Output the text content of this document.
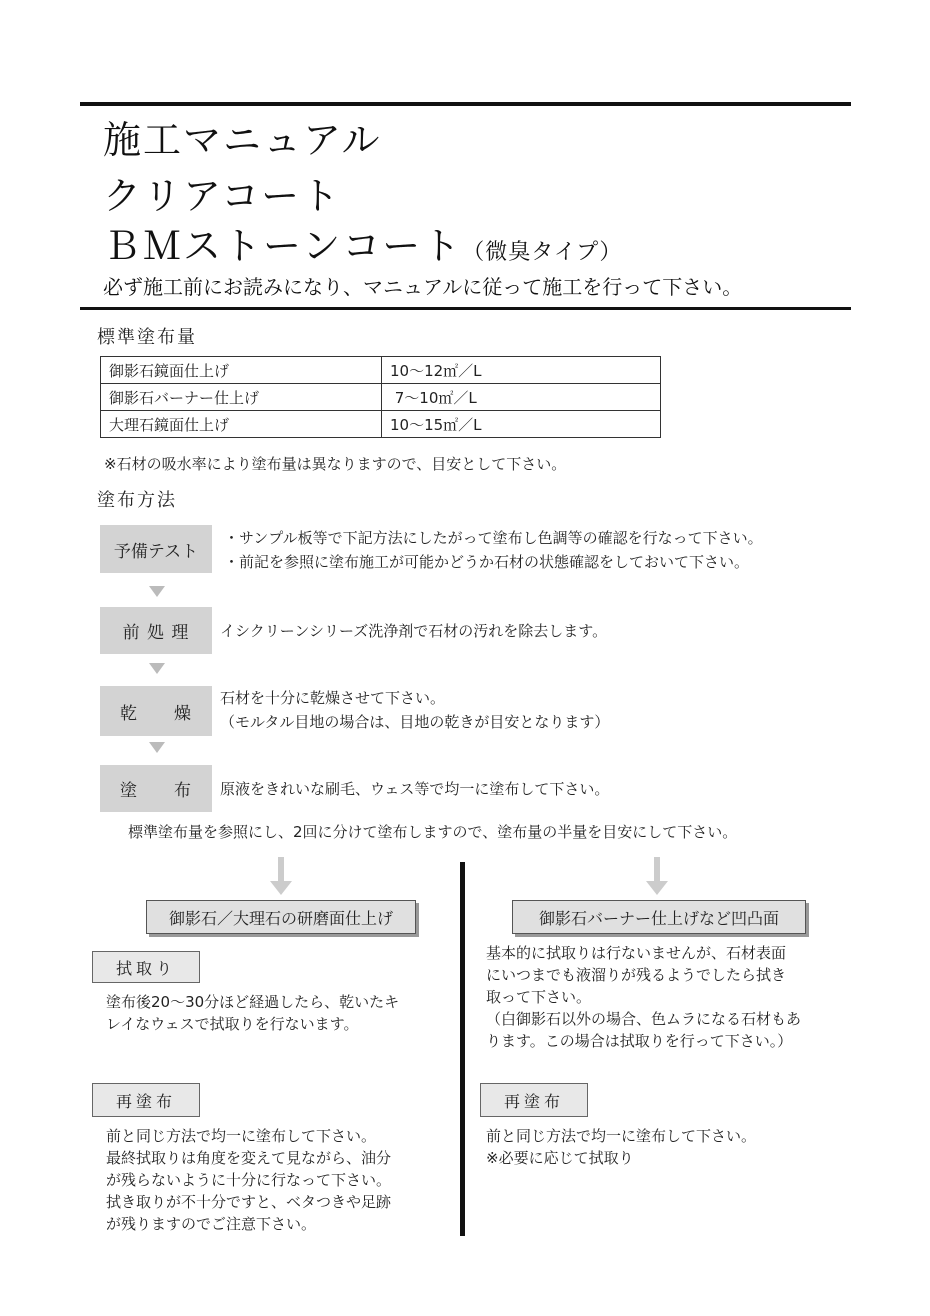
施工マニュアル
クリアコート
ＢＭストーンコート（微臭タイプ）
必ず施工前にお読みになり、マニュアルに従って施工を行って下さい。
標準塗布量
御影石鏡面仕上げ	10～12㎡／L
御影石バーナー仕上げ	7～10㎡／L
大理石鏡面仕上げ	10～15㎡／L
※石材の吸水率により塗布量は異なりますので、目安として下さい。
塗布方法
予備テスト
・サンプル板等で下記方法にしたがって塗布し色調等の確認を行なって下さい。
・前記を参照に塗布施工が可能かどうか石材の状態確認をしておいて下さい。
前 処 理	イシクリーンシリーズ洗浄剤で石材の汚れを除去します。
乾　　燥
石材を十分に乾燥させて下さい。
（モルタル目地の場合は、目地の乾きが目安となります）
塗　　布 原液をきれいな刷毛、ウェス等で均一に塗布して下さい。
標準塗布量を参照にし、2回に分けて塗布しますので、塗布量の半量を目安にして下さい。
御影石／大理石の研磨面仕上げ
拭取り
塗布後20～30分ほど経過したら、乾いたキ
レイなウェスで拭取りを行ないます。
再塗布
前と同じ方法で均一に塗布して下さい。
最終拭取りは角度を変えて見ながら、油分
が残らないように十分に行なって下さい。
拭き取りが不十分ですと、ベタつきや足跡
が残りますのでご注意下さい。
御影石バーナー仕上げなど凹凸面
基本的に拭取りは行ないませんが、石材表面
にいつまでも液溜りが残るようでしたら拭き
取って下さい。
（白御影石以外の場合、色ムラになる石材もあ
ります。この場合は拭取りを行って下さい。）
再塗布
前と同じ方法で均一に塗布して下さい。
※必要に応じて拭取り
